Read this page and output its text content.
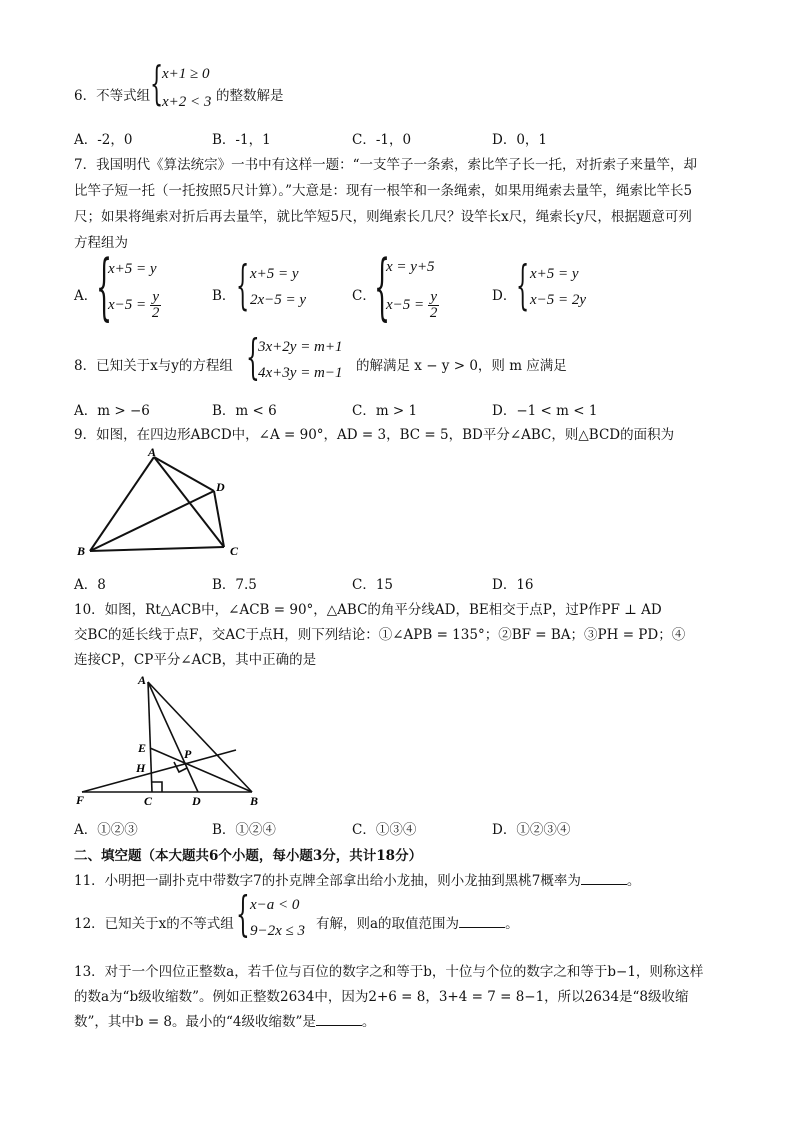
6．不等式组 {
x+1 ≥ 0
x+2 < 3 的整数解是
A．-2，0	B．-1，1	C．-1，0	D．0，1
7．我国明代《算法统宗》一书中有这样一题：“一支竿子一条索，索比竿子长一托，对折索子来量竿，却
比竿子短一托（一托按照5尺计算）。”大意是：现有一根竿和一条绳索，如果用绳索去量竿，绳索比竿长5
尺；如果将绳索对折后再去量竿，就比竿短5尺，则绳索长几尺？设竿长x尺，绳索长y尺，根据题意可列
方程组为
A．
{
x+5 = y
$x-5 = \frac{y}{2}$	B． { x+5 = y
2x−5 = y	C．
{
x = y+5
$x-5 = \frac{y}{2}$	D． { x+5 = y
x−5 = 2y
8．已知关于x与y的方程组 {
3x+2y = m+1
4x+3y = m−1 的解满足 x − y > 0，则 m 应满足
A．m > −6	B．m < 6	C．m > 1	D．−1 < m < 1
9．如图，在四边形ABCD中，∠A = 90°，AD = 3，BC = 5，BD平分∠ABC，则△BCD的面积为
A
B	C
D
A．8	B．7.5	C．15	D．16
10．如图，Rt△ACB中，∠ACB = 90°，△ABC的角平分线AD，BE相交于点P，过P作PF ⊥ AD
交BC的延长线于点F，交AC于点H，则下列结论：①∠APB = 135°；②BF = BA；③PH = PD；④
连接CP，CP平分∠ACB，其中正确的是
A
B
C	D
E
F
H
P
A．①②③	B．①②④	C．①③④	D．①②③④
二、填空题（本大题共6个小题，每小题3分，共计18分）
11．小明把一副扑克中带数字7的扑克牌全部拿出给小龙抽，则小龙抽到黑桃7概率为	。
12．已知关于x的不等式组 { x−a < 0
9−2x ≤ 3 有解，则a的取值范围为	。
13．对于一个四位正整数a，若千位与百位的数字之和等于b，十位与个位的数字之和等于b−1，则称这样
的数a为“b级收缩数”。例如正整数2634中，因为2+6 = 8，3+4 = 7 = 8−1，所以2634是“8级收缩
数”，其中b = 8。最小的“4级收缩数”是	。
